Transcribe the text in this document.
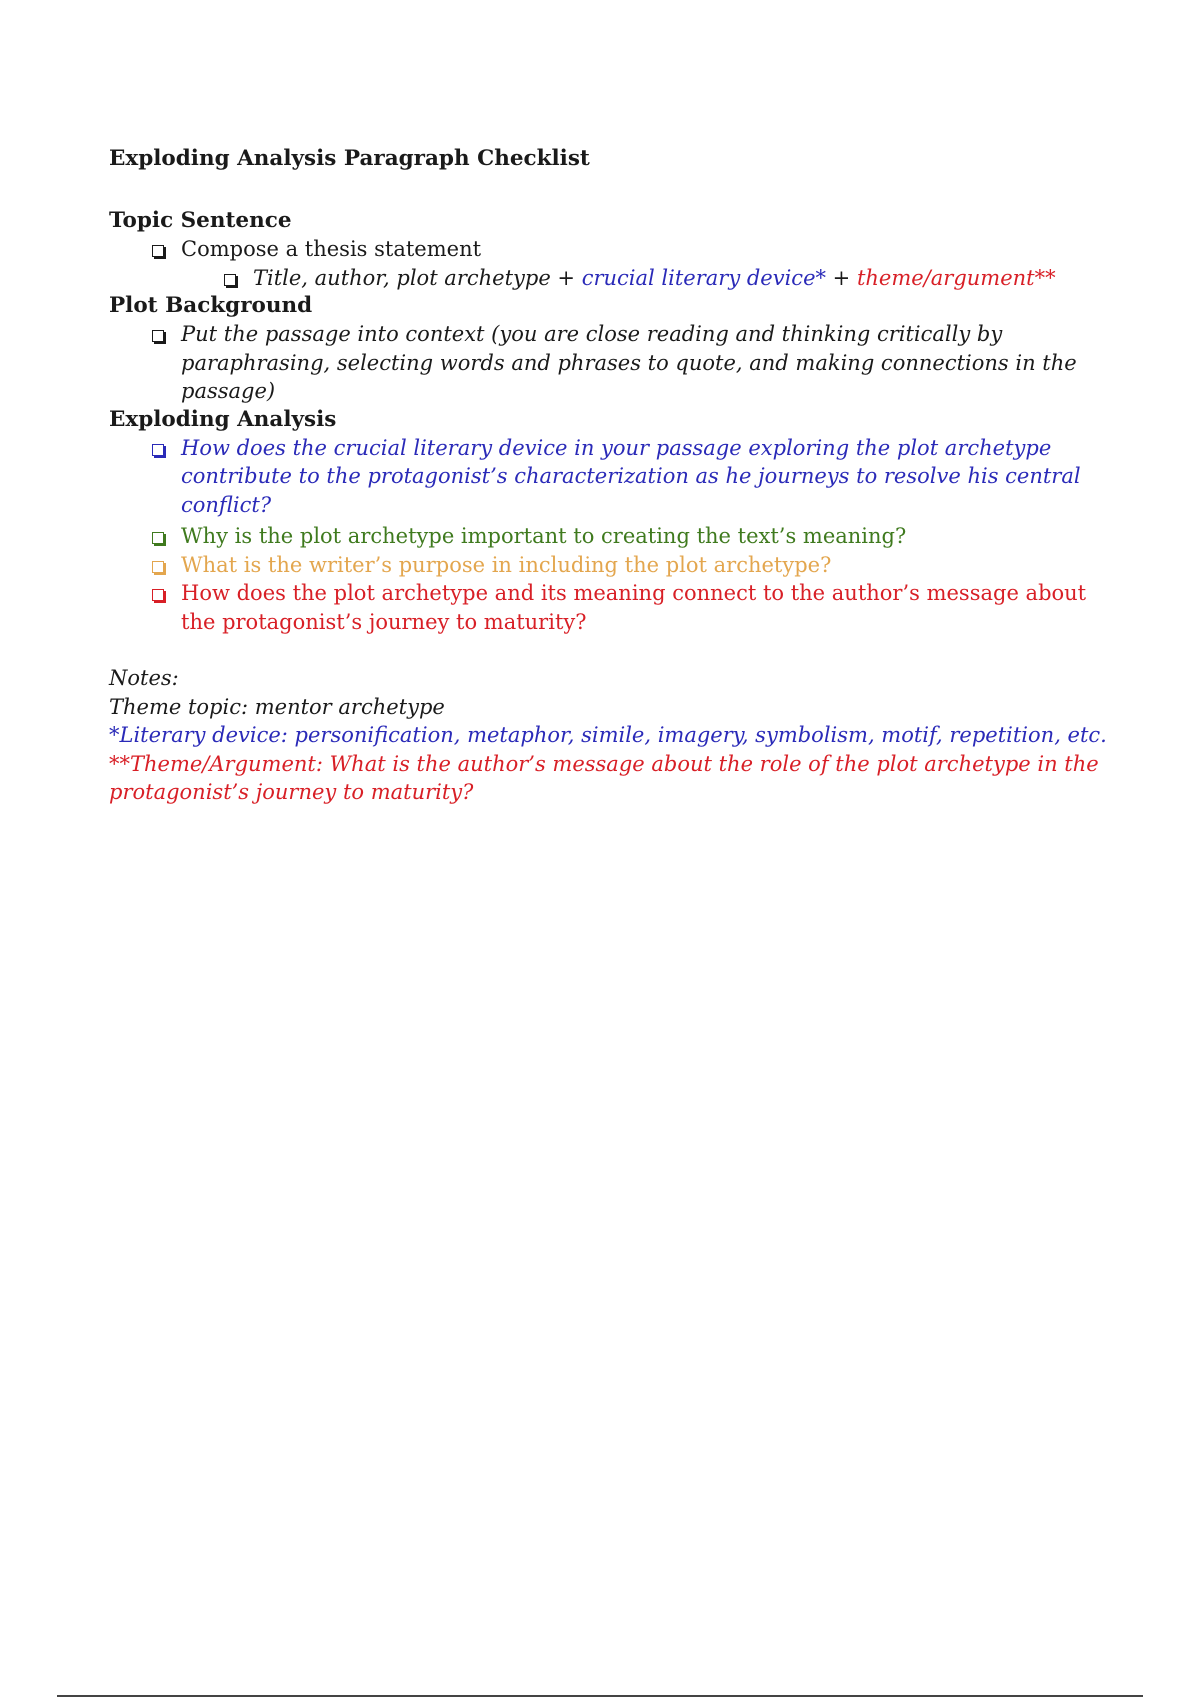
Exploding Analysis Paragraph Checklist
Topic Sentence
Compose a thesis statement
Title, author, plot archetype + crucial literary device* + theme/argument**
Plot Background
Put the passage into context (you are close reading and thinking critically by paraphrasing, selecting words and phrases to quote, and making connections in the passage)
Exploding Analysis
How does the crucial literary device in your passage exploring the plot archetype contribute to the protagonist’s characterization as he journeys to resolve his central conflict?
Why is the plot archetype important to creating the text’s meaning?
What is the writer’s purpose in including the plot archetype?
How does the plot archetype and its meaning connect to the author’s message about the protagonist’s journey to maturity?
Notes:
Theme topic: mentor archetype
*Literary device: personification, metaphor, simile, imagery, symbolism, motif, repetition, etc.
**Theme/Argument: What is the author’s message about the role of the plot archetype in the protagonist’s journey to maturity?
